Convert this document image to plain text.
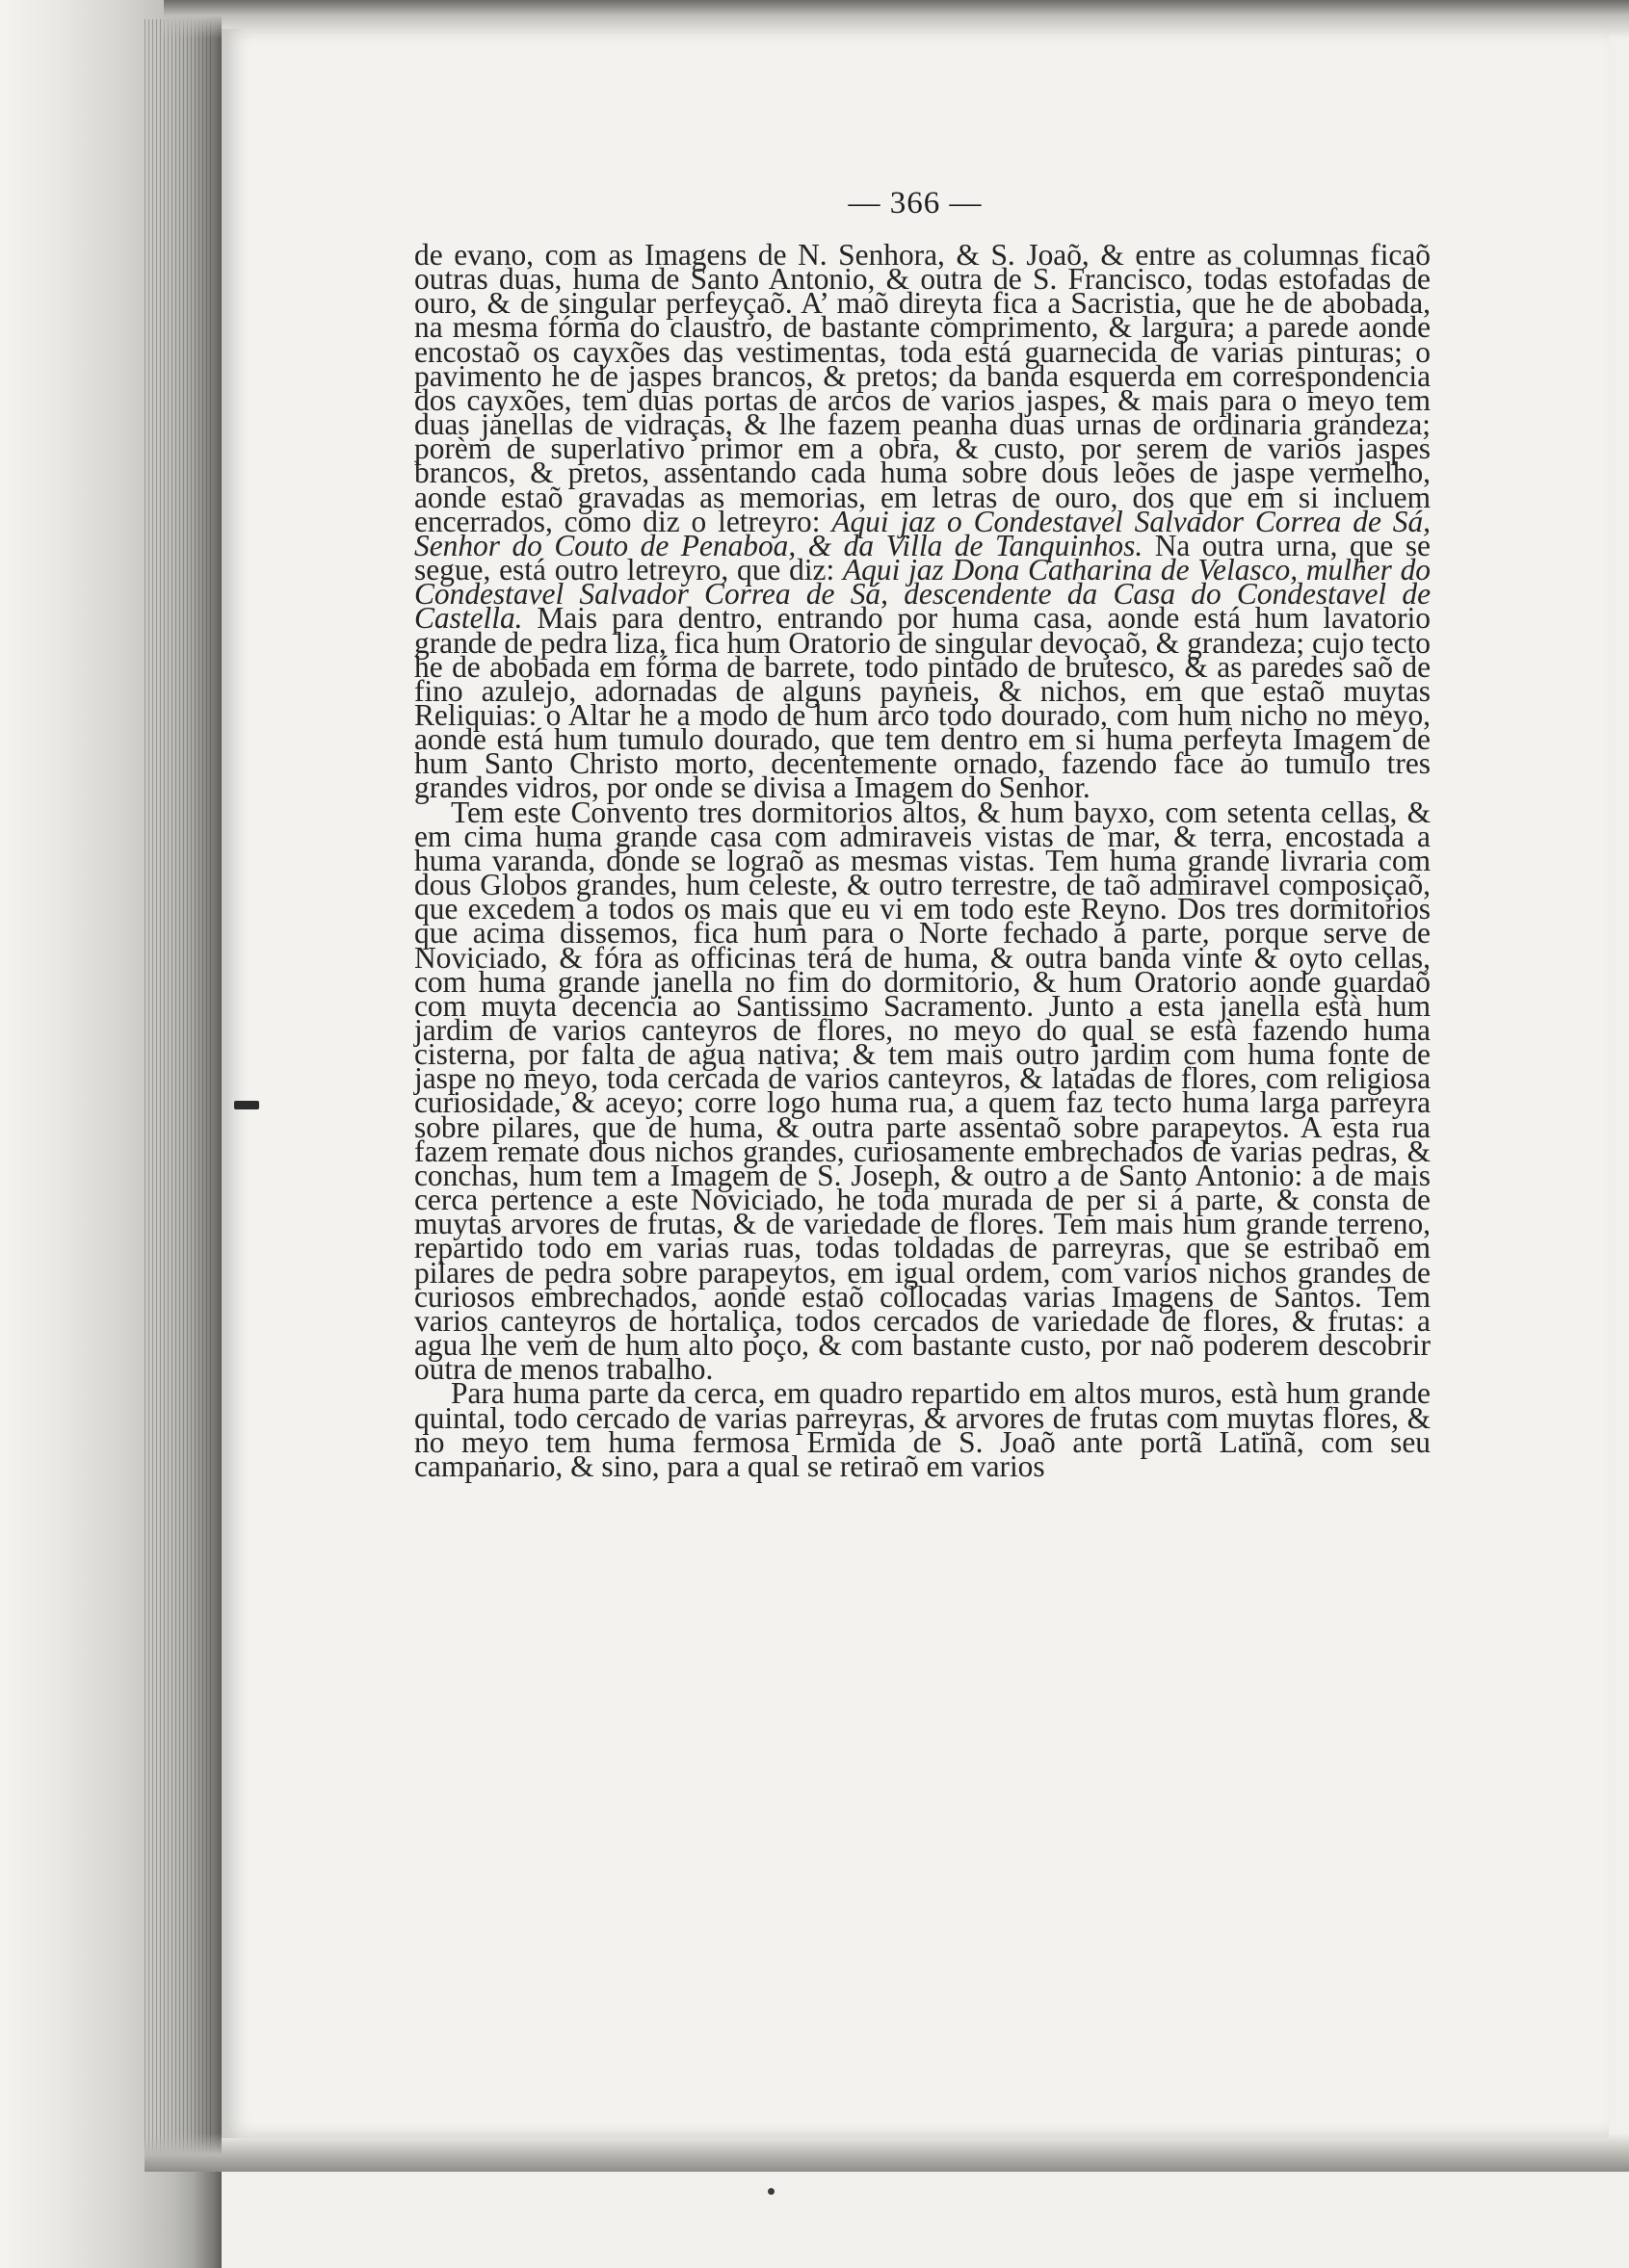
— 366 —

de evano, com as Imagens de N. Senhora, & S. Joaõ, & entre as columnas ficaõ outras duas, huma de Santo Antonio, & outra de S. Francisco, todas estofadas de ouro, & de singular perfeyçaõ. A’ maõ direyta fica a Sacristia, que he de abobada, na mesma fórma do claustro, de bastante comprimento, & largura; a parede aonde encostaõ os cayxões das vestimentas, toda está guarnecida de varias pinturas; o pavimento he de jaspes brancos, & pretos; da banda esquerda em correspondencia dos cayxões, tem duas portas de arcos de varios jaspes, & mais para o meyo tem duas janellas de vidraças, & lhe fazem peanha duas urnas de ordinaria grandeza; porèm de superlativo primor em a obra, & custo, por serem de varios jaspes brancos, & pretos, assentando cada huma sobre dous leões de jaspe vermelho, aonde estaõ gravadas as memorias, em letras de ouro, dos que em si incluem encerrados, como diz o letreyro: Aqui jaz o Condestavel Salvador Correa de Sá, Senhor do Couto de Penaboa, & da Villa de Tanquinhos. Na outra urna, que se segue, está outro letreyro, que diz: Aqui jaz Dona Catharina de Velasco, mulher do Condestavel Salvador Correa de Sá, descendente da Casa do Condestavel de Castella. Mais para dentro, entrando por huma casa, aonde está hum lavatorio grande de pedra liza, fica hum Oratorio de singular devoçaõ, & grandeza; cujo tecto he de abobada em fórma de barrete, todo pintado de brutesco, & as paredes saõ de fino azulejo, adornadas de alguns payneis, & nichos, em que estaõ muytas Reliquias: o Altar he a modo de hum arco todo dourado, com hum nicho no meyo, aonde está hum tumulo dourado, que tem dentro em si huma perfeyta Imagem de hum Santo Christo morto, decentemente ornado, fazendo face ao tumulo tres grandes vidros, por onde se divisa a Imagem do Senhor.

Tem este Convento tres dormitorios altos, & hum bayxo, com setenta cellas, & em cima huma grande casa com admiraveis vistas de mar, & terra, encostada a huma varanda, donde se lograõ as mesmas vistas. Tem huma grande livraria com dous Globos grandes, hum celeste, & outro terrestre, de taõ admiravel composiçaõ, que excedem a todos os mais que eu vi em todo este Reyno. Dos tres dormitorios que acima dissemos, fica hum para o Norte fechado á parte, porque serve de Noviciado, & fóra as officinas terá de huma, & outra banda vinte & oyto cellas, com huma grande janella no fim do dormitorio, & hum Oratorio aonde guardaõ com muyta decencia ao Santissimo Sacramento. Junto a esta janella està hum jardim de varios canteyros de flores, no meyo do qual se està fazendo huma cisterna, por falta de agua nativa; & tem mais outro jardim com huma fonte de jaspe no meyo, toda cercada de varios canteyros, & latadas de flores, com religiosa curiosidade, & aceyo; corre logo huma rua, a quem faz tecto huma larga parreyra sobre pilares, que de huma, & outra parte assentaõ sobre parapeytos. A esta rua fazem remate dous nichos grandes, curiosamente embrechados de varias pedras, & conchas, hum tem a Imagem de S. Joseph, & outro a de Santo Antonio: a de mais cerca pertence a este Noviciado, he toda murada de per si á parte, & consta de muytas arvores de frutas, & de variedade de flores. Tem mais hum grande terreno, repartido todo em varias ruas, todas toldadas de parreyras, que se estribaõ em pilares de pedra sobre parapeytos, em igual ordem, com varios nichos grandes de curiosos embrechados, aonde estaõ collocadas varias Imagens de Santos. Tem varios canteyros de hortaliça, todos cercados de variedade de flores, & frutas: a agua lhe vem de hum alto poço, & com bastante custo, por naõ poderem descobrir outra de menos trabalho.

Para huma parte da cerca, em quadro repartido em altos muros, està hum grande quintal, todo cercado de varias parreyras, & arvores de frutas com muytas flores, & no meyo tem huma fermosa Ermida de S. Joaõ ante portã Latinã, com seu campanario, & sino, para a qual se retiraõ em varios
